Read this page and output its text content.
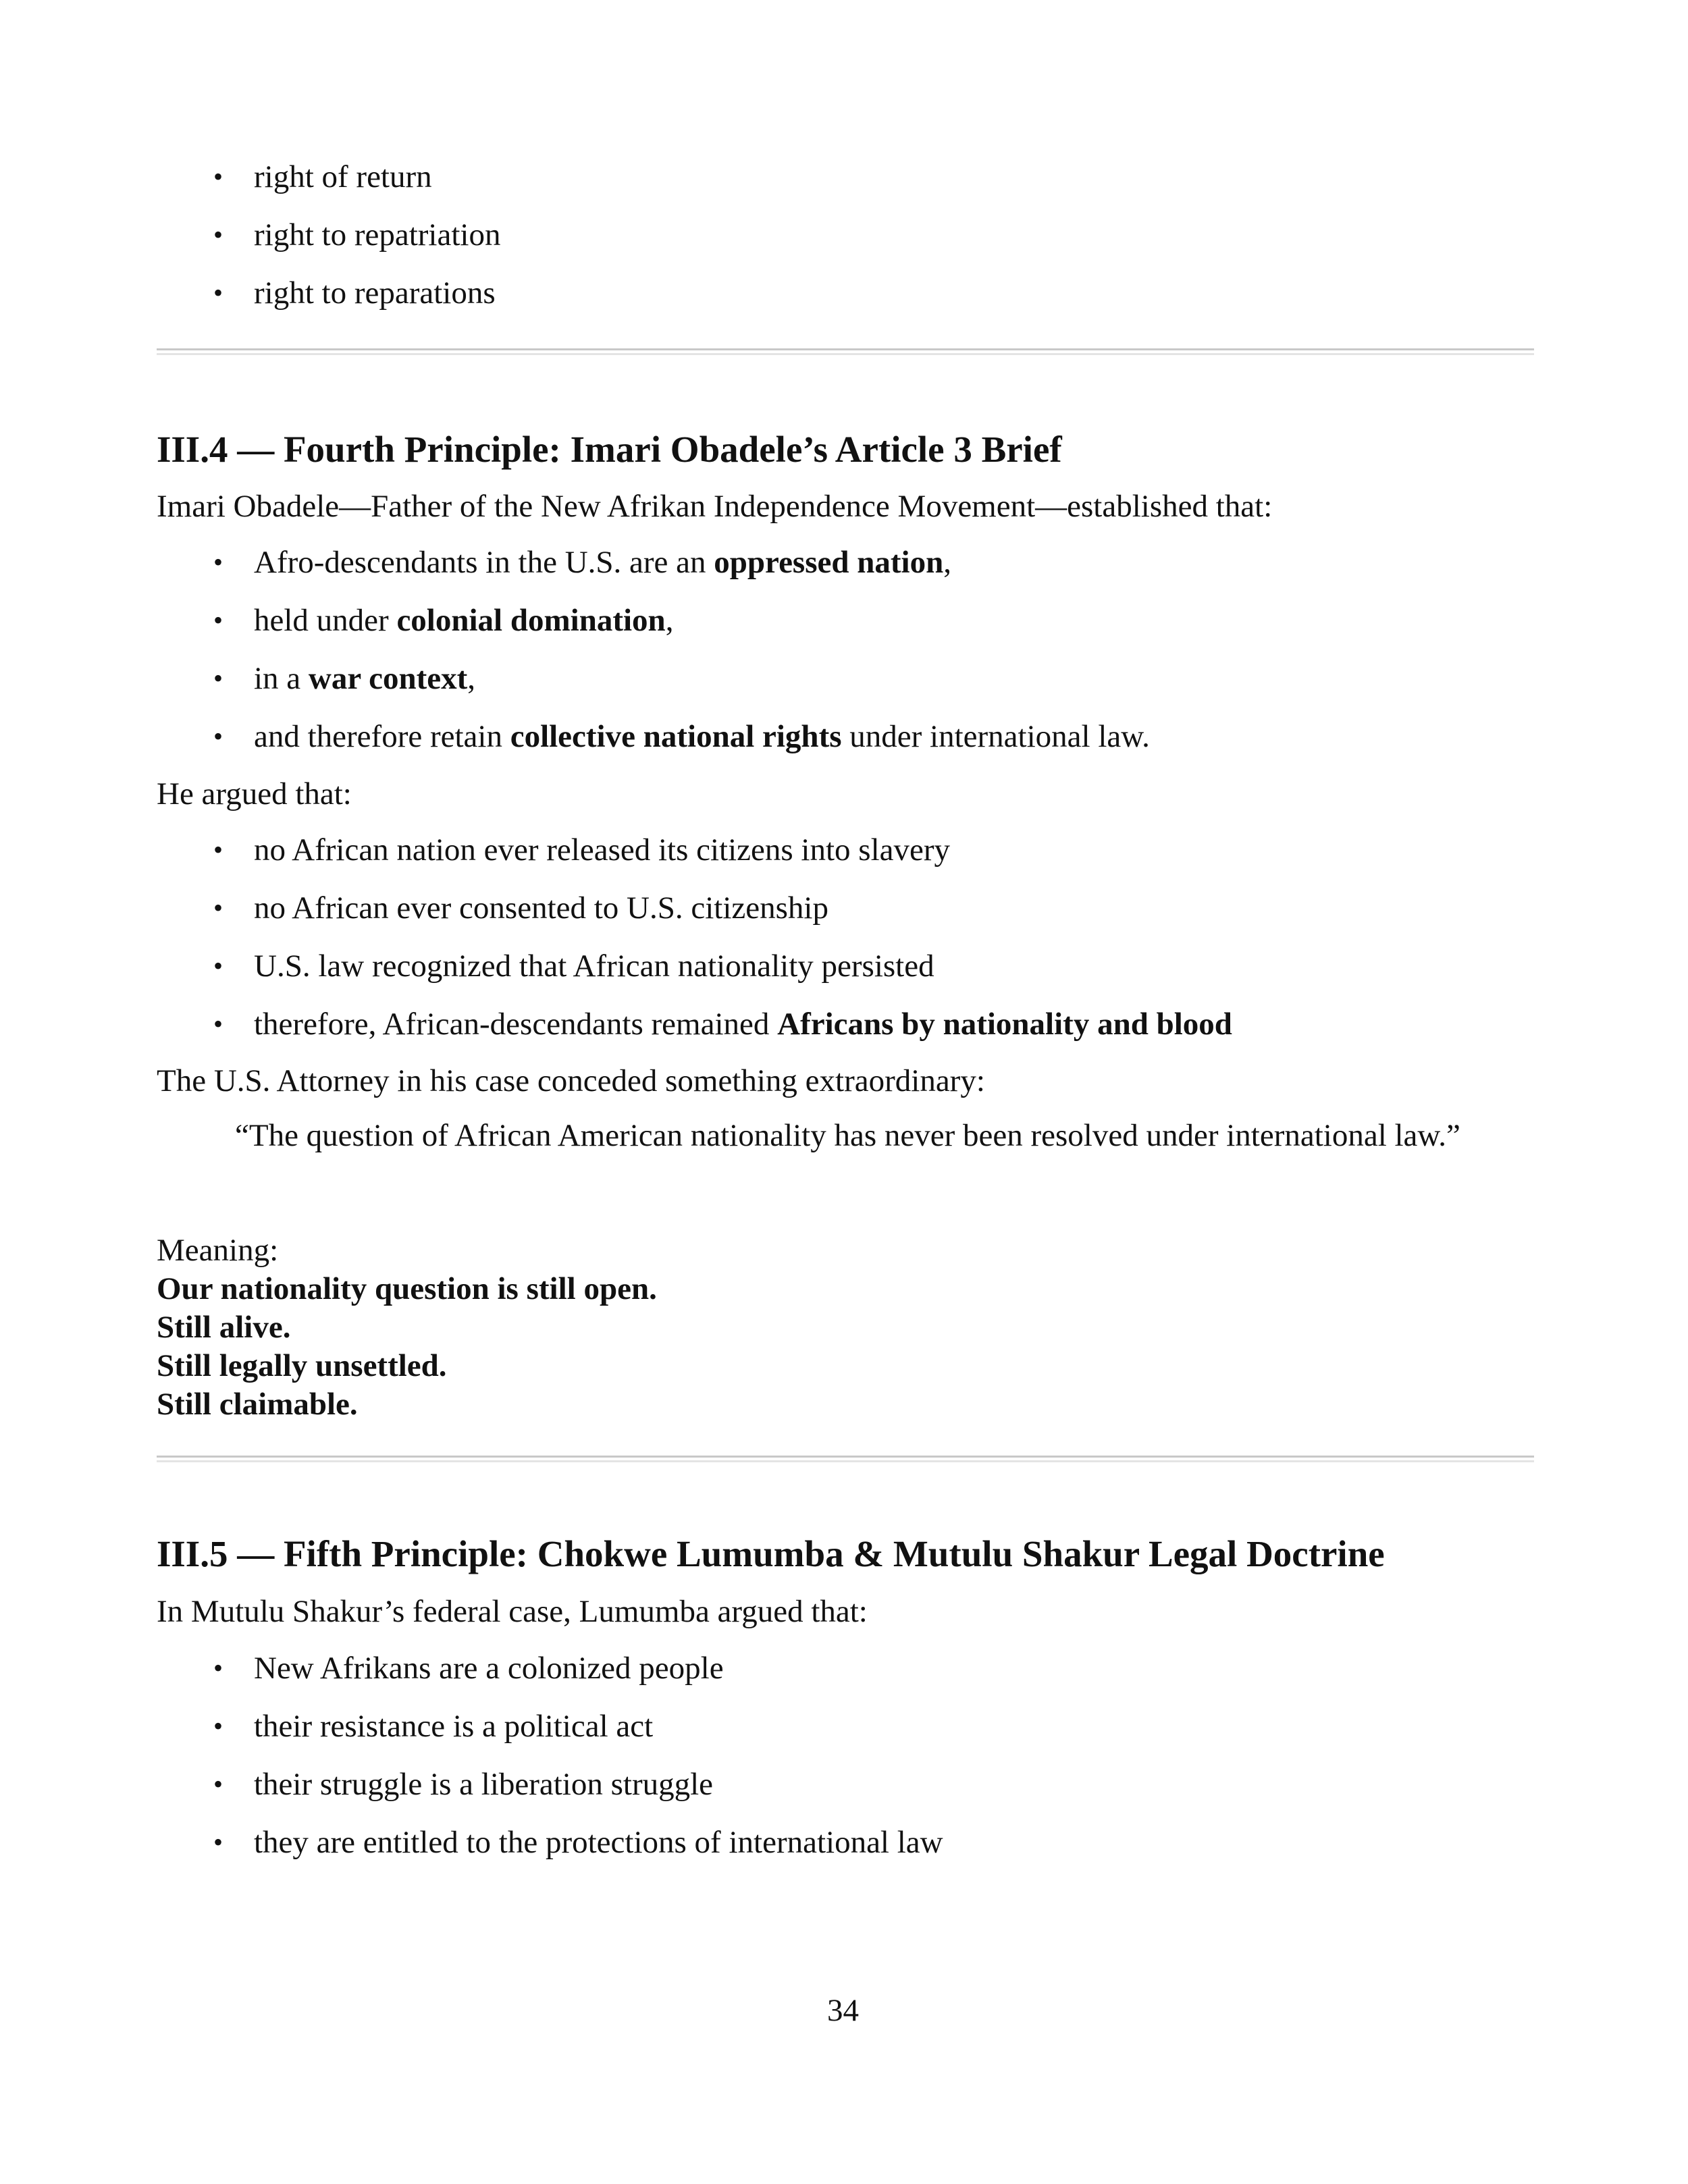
• right of return
• right to repatriation
• right to reparations
III.4 — Fourth Principle: Imari Obadele’s Article 3 Brief
Imari Obadele—Father of the New Afrikan Independence Movement—established that:
• Afro-descendants in the U.S. are an oppressed nation,
• held under colonial domination,
• in a war context,
• and therefore retain collective national rights under international law.
He argued that:
• no African nation ever released its citizens into slavery
• no African ever consented to U.S. citizenship
• U.S. law recognized that African nationality persisted
• therefore, African-descendants remained Africans by nationality and blood
The U.S. Attorney in his case conceded something extraordinary:
“The question of African American nationality has never been resolved under international law.”
Meaning:
Our nationality question is still open.
Still alive.
Still legally unsettled.
Still claimable.
III.5 — Fifth Principle: Chokwe Lumumba & Mutulu Shakur Legal Doctrine
In Mutulu Shakur’s federal case, Lumumba argued that:
• New Afrikans are a colonized people
• their resistance is a political act
• their struggle is a liberation struggle
• they are entitled to the protections of international law
34
